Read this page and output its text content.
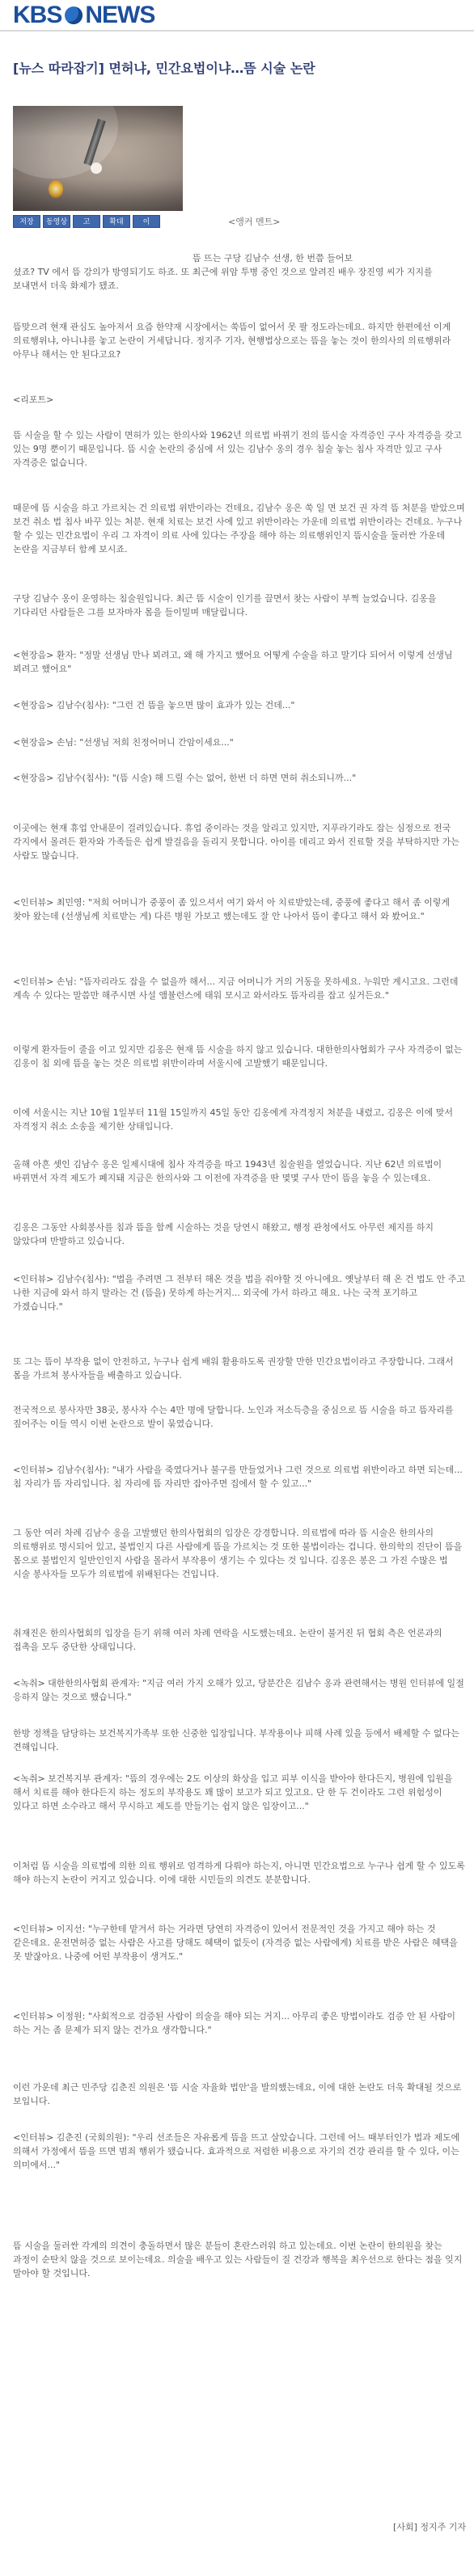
KBS NEWS
[뉴스 따라잡기] 면허냐, 민간요법이냐…뜸 시술 논란
저장	동영상	고	확대	이	<앵커 멘트>
뜸 뜨는 구당 김남수 선생, 한 번쯤 들어보
셨죠? TV 에서 뜸 강의가 방영되기도 하죠. 또 최근에 위암 투병 중인 것으로 알려진 배우 장진영 씨가 지지를 보내면서 더욱 화제가 됐죠.
뜸맞으려 현재 관심도 높아져서 요즘 한약재 시장에서는 쑥뜸이 없어서 못 팔 정도라는데요. 하지만 한편에선 이게 의료행위냐, 아니냐를 놓고 논란이 거세답니다. 정지주 기자, 현행법상으로는 뜸을 놓는 것이 한의사의 의료행위라 아무나 해서는 안 된다고요?
<리포트>
뜸 시술을 할 수 있는 사람이 면허가 있는 한의사와 1962년 의료법 바뀌기 전의 뜸시술 자격증인 구사 자격증을 갖고 있는 9명 뿐이기 때문입니다. 뜸 시술 논란의 중심에 서 있는 김남수 옹의 경우 침술 놓는 침사 자격만 있고 구사 자격증은 없습니다.
때문에 뜸 시술을 하고 가르치는 건 의료법 위반이라는 건데요, 김남수 옹은 쑥 일 면 보건 권 자격 뜸 처분을 받았으며 보건 취소 법 침사 바꾸 있는 처분. 현재 치료는 보건 사에 있고 위반이라는 가운데 의료법 위반이라는 건데요. 누구나 할 수 있는 민간요법이 우리 그 자격이 의료 사에 있다는 주장을 해야 하는 의료행위인지 뜸시술을 둘러싼 가운데 논란을 지금부터 함께 보시죠.
구당 김남수 옹이 운영하는 침술원입니다. 최근 뜸 시술이 인기를 끌면서 찾는 사람이 부쩍 늘었습니다. 김옹을 기다리던 사람들은 그를 보자마자 몸을 들이밀며 매달립니다.
<현장음> 환자: "정말 선생님 만나 뵈려고, 왜 해 가지고 했어요 어떻게 수술을 하고 말기다 되어서 이렇게 선생님 뵈려고 했어요"
<현장음> 김남수(침사): "그런 건 뜸을 놓으면 많이 효과가 있는 건데..."
<현장음> 손님: "선생님 저희 친정어머니 간암이세요..."
<현장음> 김남수(침사): "(뜸 시술) 해 드릴 수는 없어, 한번 더 하면 면허 취소되니까..."
이곳에는 현재 휴업 안내문이 걸려있습니다. 휴업 중이라는 것을 알리고 있지만, 지푸라기라도 잡는 심정으로 전국 각지에서 몰려든 환자와 가족들은 쉽게 발걸음을 돌리지 못합니다. 아이를 데리고 와서 진료할 것을 부탁하지만 가는 사람도 많습니다.
<인터뷰> 최민영: "저희 어머니가 중풍이 좀 있으셔서 여기 와서 아 치료받았는데, 중풍에 좋다고 해서 좀 이렇게 찾아 왔는데 (선생님께 치료받는 게) 다른 병원 가보고 했는데도 잘 안 나아서 뜸이 좋다고 해서 와 봤어요."
<인터뷰> 손님: "뜸자리라도 잡을 수 없을까 해서... 지금 어머니가 거의 거동을 못하세요. 누워만 계시고요. 그런데 계속 수 있다는 말씀만 해주시면 사설 앰뷸런스에 태워 모시고 와서라도 뜸자리를 잡고 싶거든요."
이렇게 환자들이 줄을 이고 있지만 김옹은 현재 뜸 시술을 하지 않고 있습니다. 대한한의사협회가 구사 자격증이 없는 김옹이 침 외에 뜸을 놓는 것은 의료법 위반이라며 서울시에 고발했기 때문입니다.
이에 서울시는 지난 10월 1일부터 11월 15일까지 45일 동안 김옹에게 자격정지 처분을 내렸고, 김옹은 이에 맞서 자격정지 취소 소송을 제기한 상태입니다.
올해 아흔 셋인 김남수 옹은 일제시대에 침사 자격증을 따고 1943년 침술원을 열었습니다. 지난 62년 의료법이 바뀌면서 자격 제도가 폐지돼 지금은 한의사와 그 이전에 자격증을 딴 몇몇 구사 만이 뜸을 놓을 수 있는데요.
김옹은 그동안 사회봉사를 침과 뜸을 함께 시술하는 것을 당연시 해왔고, 행정 관청에서도 아무런 제지를 하지 않았다며 반발하고 있습니다.
<인터뷰> 김남수(침사): "법을 주려면 그 전부터 해온 것을 법을 줘야할 것 아니에요. 옛날부터 해 온 건 법도 안 주고 나한 지금에 와서 하지 말라는 건 (뜸을) 못하게 하는거지... 외국에 가서 하라고 해요. 나는 국적 포기하고 가겠습니다."
또 그는 뜸이 부작용 없이 안전하고, 누구나 쉽게 배워 활용하도록 권장할 만한 민간요법이라고 주장합니다. 그래서 몸을 가르쳐 봉사자들을 배출하고 있습니다.
전국적으로 봉사자만 38곳, 봉사자 수는 4만 명에 달합니다. 노인과 저소득층을 중심으로 뜸 시술을 하고 뜸자리를 짚어주는 이들 역시 이번 논란으로 발이 묶였습니다.
<인터뷰> 김남수(침사): "내가 사람을 죽였다거나 불구를 만들었거나 그런 것으로 의료법 위반이라고 하면 되는데... 침 자리가 뜸 자리입니다. 침 자리에 뜸 자리만 잡아주면 집에서 할 수 있고..."
그 동안 여러 차례 김남수 옹을 고발했던 한의사협회의 입장은 강경합니다. 의료법에 따라 뜸 시술은 한의사의 의료행위로 명시되어 있고, 불법인지 다른 사람에게 뜸을 가르치는 것 또한 불법이라는 겁니다. 한의학의 진단이 뜸을 몸으로 불법인지 일반인인지 사람을 몰라서 부작용이 생기는 수 있다는 것 입니다. 김옹은 봉은 그 가진 수많은 법 시술 봉사자들 모두가 의료법에 위배된다는 건입니다.
취재진은 한의사협회의 입장을 듣기 위해 여러 차례 연락을 시도했는데요. 논란이 불거진 뒤 협회 측은 언론과의 접촉을 모두 중단한 상태입니다.
<녹취> 대한한의사협회 관계자: "지금 여러 가지 오해가 있고, 당분간은 김남수 옹과 관련해서는 병원 인터뷰에 일절 응하지 않는 것으로 했습니다."
한방 정책을 담당하는 보건복지가족부 또한 신중한 입장입니다. 부작용이나 피해 사례 있을 등에서 배제할 수 없다는 견해입니다.
<녹취> 보건복지부 관계자: "뜸의 경우에는 2도 이상의 화상을 입고 피부 이식을 받아야 한다든지, 병원에 입원을 해서 치료를 해야 한다든지 하는 정도의 부작용도 꽤 많이 보고가 되고 있고요. 단 한 두 건이라도 그런 위험성이 있다고 하면 소수라고 해서 무시하고 제도를 만들기는 쉽지 않은 입장이고..."
이처럼 뜸 시술을 의료법에 의한 의료 행위로 엄격하게 다뤄야 하는지, 아니면 민간요법으로 누구나 쉽게 할 수 있도록 해야 하는지 논란이 커지고 있습니다. 이에 대한 시민들의 의견도 분분합니다.
<인터뷰> 이지선: "누구한테 맡겨서 하는 거라면 당연히 자격증이 있어서 전문적인 것을 가지고 해야 하는 것 같은데요. 운전면허증 없는 사람은 사고를 당해도 혜택이 없듯이 (자격증 없는 사람에게) 치료를 받은 사람은 혜택을 못 받잖아요. 나중에 어떤 부작용이 생겨도."
<인터뷰> 이정원: "사회적으로 검증된 사람이 의술을 해야 되는 거지... 아무리 좋은 방법이라도 검증 안 된 사람이 하는 거는 좀 문제가 되지 않는 건가요 생각합니다."
이런 가운데 최근 민주당 김춘진 의원은 '뜸 시술 자율화 법안'을 발의했는데요, 이에 대한 논란도 더욱 확대될 것으로 보입니다.
<인터뷰> 김춘진 (국회의원): "우리 선조들은 자유롭게 뜸을 뜨고 살았습니다. 그런데 어느 때부터인가 법과 제도에 의해서 가정에서 뜸을 뜨면 범죄 행위가 됐습니다. 효과적으로 저렴한 비용으로 자기의 건강 관리를 할 수 있다, 이는 의미에서..."
뜸 시술을 둘러싼 각계의 의견이 충돌하면서 많은 분들이 혼란스러워 하고 있는데요. 이번 논란이 한의원을 찾는 과정이 순탄치 않을 것으로 보이는데요. 의술을 배우고 있는 사람들이 질 건강과 행복을 최우선으로 한다는 점을 잊지 말아야 할 것입니다.
[사회] 정지주 기자
